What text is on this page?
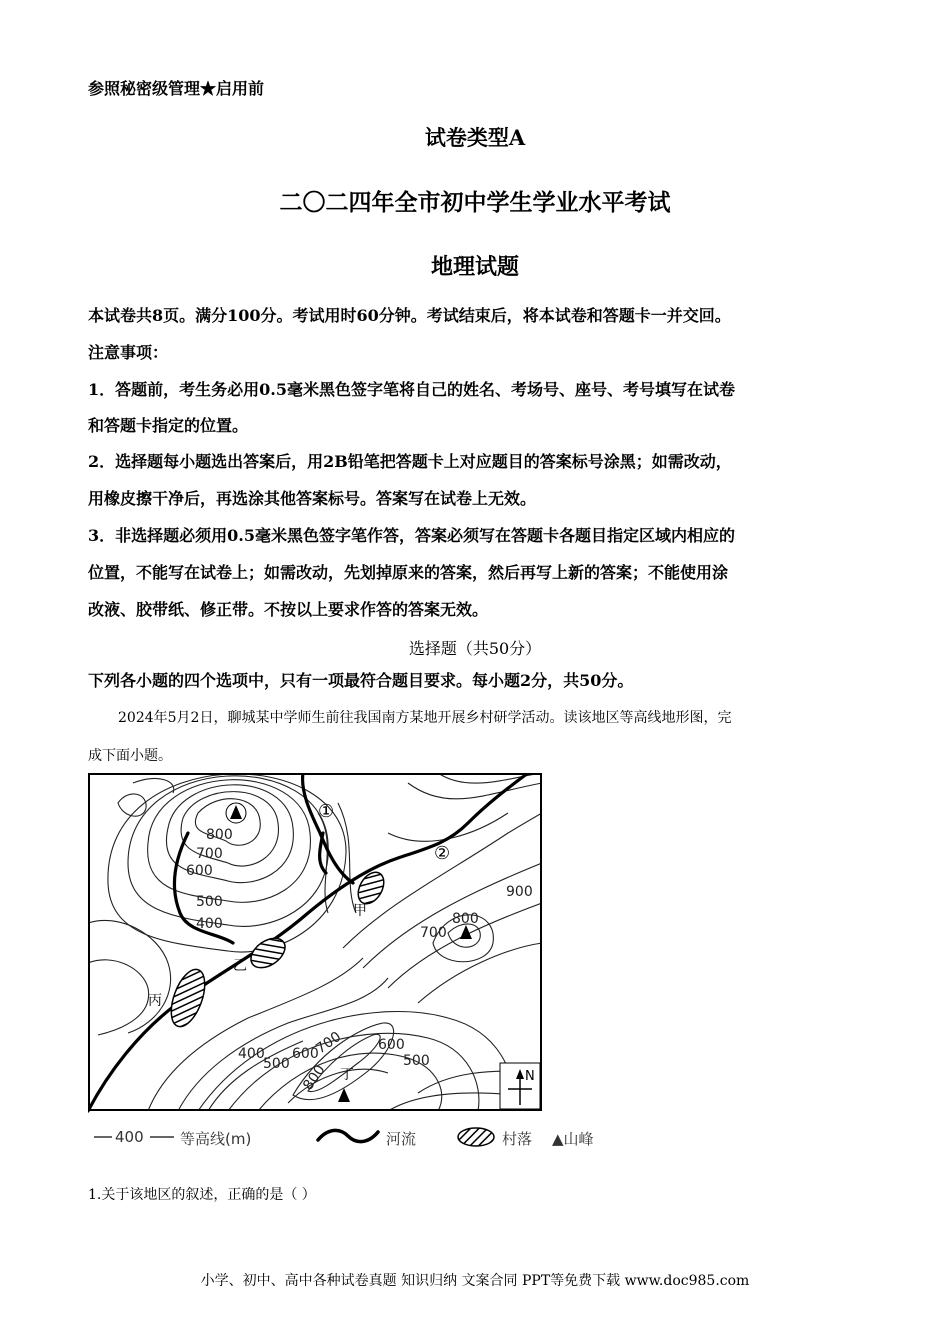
参照秘密级管理★启用前
试卷类型A
二〇二四年全市初中学生学业水平考试
地理试题
本试卷共8页。满分100分。考试用时60分钟。考试结束后，将本试卷和答题卡一并交回。
注意事项：
1．答题前，考生务必用0.5毫米黑色签字笔将自己的姓名、考场号、座号、考号填写在试卷
和答题卡指定的位置。
2．选择题每小题选出答案后，用2B铅笔把答题卡上对应题目的答案标号涂黑；如需改动，
用橡皮擦干净后，再选涂其他答案标号。答案写在试卷上无效。
3．非选择题必须用0.5毫米黑色签字笔作答，答案必须写在答题卡各题目指定区域内相应的
位置，不能写在试卷上；如需改动，先划掉原来的答案，然后再写上新的答案；不能使用涂
改液、胶带纸、修正带。不按以上要求作答的答案无效。
选择题（共50分）
下列各小题的四个选项中，只有一项最符合题目要求。每小题2分，共50分。
2024年5月2日，聊城某中学师生前往我国南方某地开展乡村研学活动。读该地区等高线地形图，完
成下面小题。
800
700
600
500
400
900
800
700
400
500
600
700
800
600
500
①
②
甲
乙
丙
丁	N
400 等高线(m)	河流	村落 ▲山峰
1.关于该地区的叙述，正确的是（ ）
小学、初中、高中各种试卷真题 知识归纳 文案合同 PPT等免费下载 www.doc985.com
